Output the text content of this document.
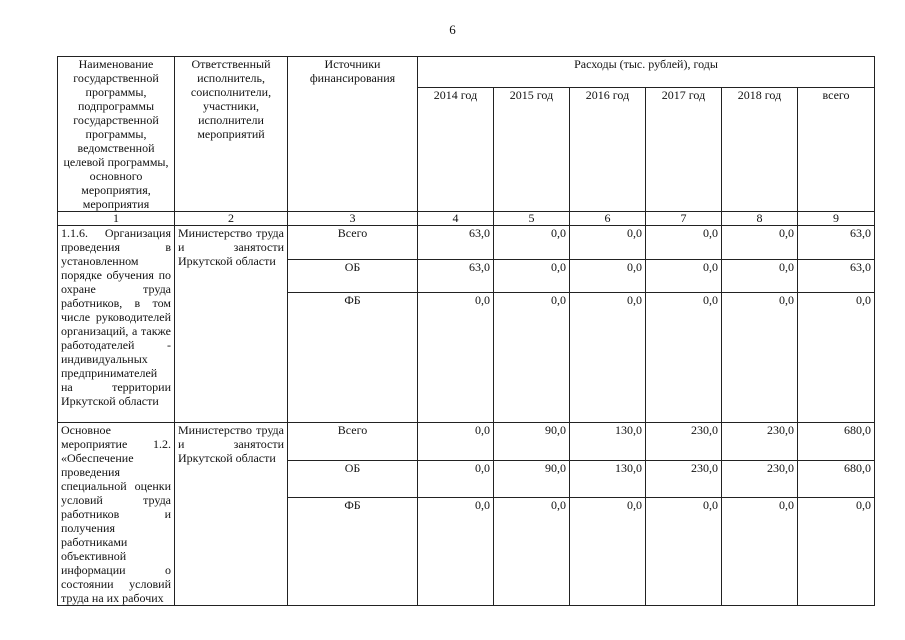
6
Наименование государственной программы, подпрограммы государственной программы, ведомственной целевой программы, основного мероприятия, мероприятия	Ответственный исполнитель, соисполнители, участники, исполнители мероприятий	Источники финансирования	Расходы (тыс. рублей), годы					
			2014 год	2015 год	2016 год	2017 год	2018 год	всего
1	2	3	4	5	6	7	8	9
1.1.6. Организация проведения в установленном порядке обучения по охране труда работников, в том числе руководителей организаций, а также работодателей - индивидуальных предпринимателей на территории Иркутской области	Министерство труда и занятости Иркутской области	Всего	63,0	0,0	0,0	0,0	0,0	63,0
		ОБ	63,0	0,0	0,0	0,0	0,0	63,0
		ФБ	0,0	0,0	0,0	0,0	0,0	0,0
Основное мероприятие 1.2. «Обеспечение проведения специальной оценки условий труда работников и получения работниками объективной информации о состоянии условий труда на их рабочих	Министерство труда и занятости Иркутской области	Всего	0,0	90,0	130,0	230,0	230,0	680,0
		ОБ	0,0	90,0	130,0	230,0	230,0	680,0
		ФБ	0,0	0,0	0,0	0,0	0,0	0,0
